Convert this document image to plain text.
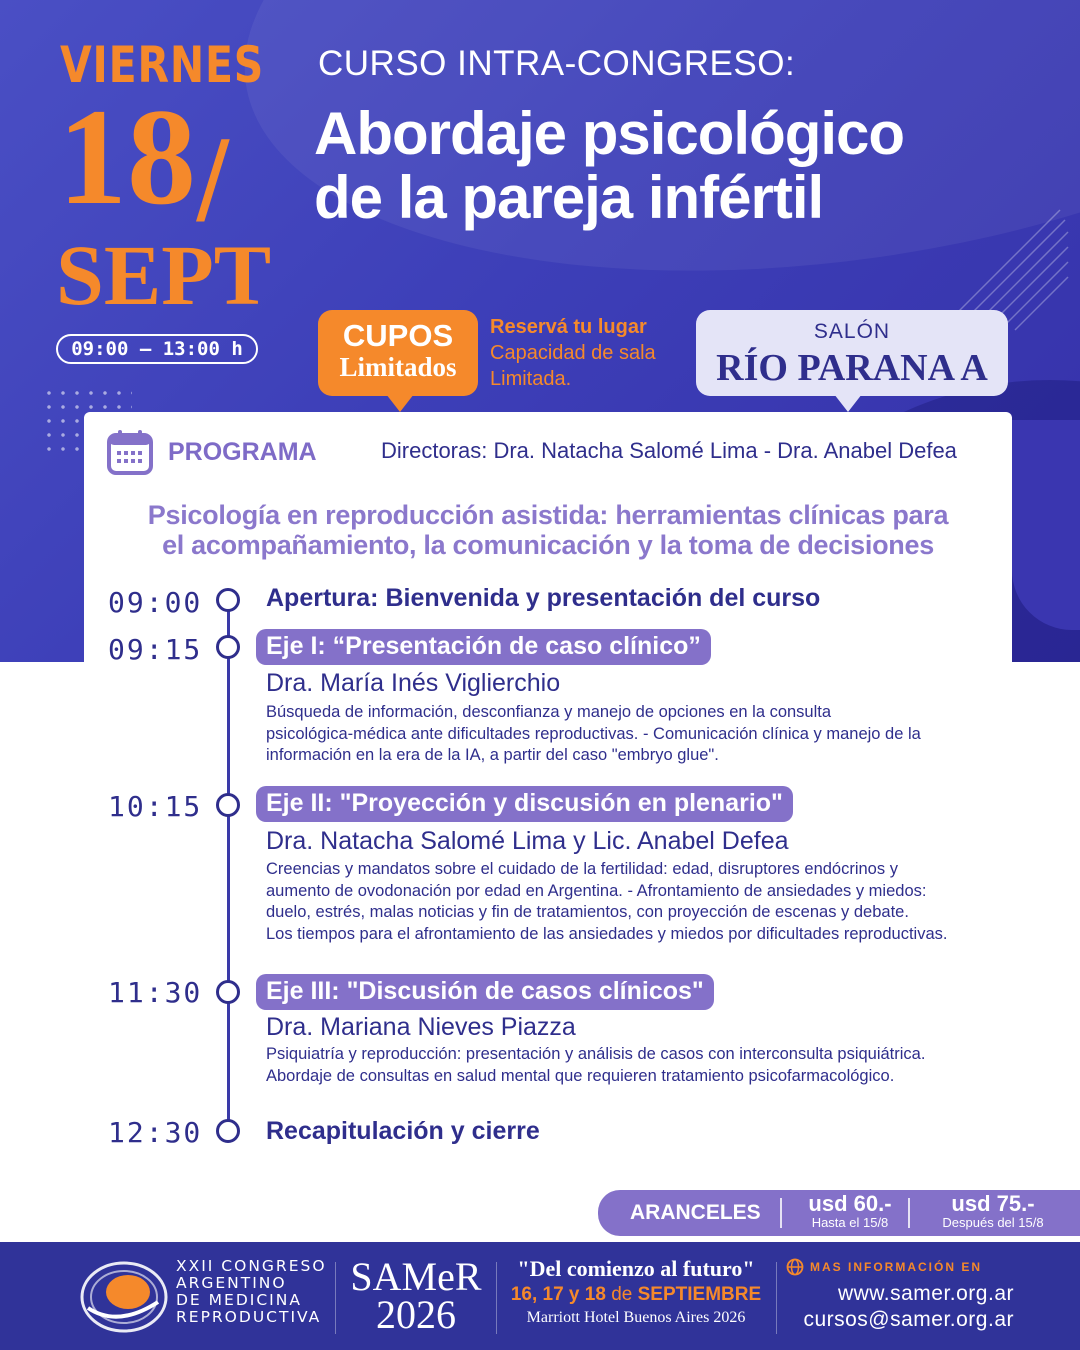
VIERNES
18 /
SEPT
09:00 — 13:00 h
CURSO INTRA-CONGRESO:
Abordaje psicológico
de la pareja infértil
CUPOS
Limitados
Reservá tu lugar
Capacidad de sala
Limitada.
SALÓN
RÍO PARANA A
PROGRAMA	Directoras: Dra. Natacha Salomé Lima - Dra. Anabel Defea
Psicología en reproducción asistida: herramientas clínicas para
el acompañamiento, la comunicación y la toma de decisiones
09:00	Apertura: Bienvenida y presentación del curso
09:15	Eje I: “Presentación de caso clínico”
Dra. María Inés Viglierchio
Búsqueda de información, desconfianza y manejo de opciones en la consulta
psicológica-médica ante dificultades reproductivas. - Comunicación clínica y manejo de la
información en la era de la IA, a partir del caso "embryo glue".
10:15	Eje II: "Proyección y discusión en plenario"
Dra. Natacha Salomé Lima y Lic. Anabel Defea
Creencias y mandatos sobre el cuidado de la fertilidad: edad, disruptores endócrinos y
aumento de ovodonación por edad en Argentina. - Afrontamiento de ansiedades y miedos:
duelo, estrés, malas noticias y fin de tratamientos, con proyección de escenas y debate.
Los tiempos para el afrontamiento de las ansiedades y miedos por dificultades reproductivas.
11:30	Eje III: "Discusión de casos clínicos"
Dra. Mariana Nieves Piazza
Psiquiatría y reproducción: presentación y análisis de casos con interconsulta psiquiátrica.
Abordaje de consultas en salud mental que requieren tratamiento psicofarmacológico.
12:30	Recapitulación y cierre
ARANCELES	usd 60.-
Hasta el 15/8
usd 75.-
Después del 15/8
XXII CONGRESO
ARGENTINO
DE MEDICINA
REPRODUCTIVA
SAMeR
2026
"Del comienzo al futuro"
16, 17 y 18 de SEPTIEMBRE
Marriott Hotel Buenos Aires 2026
MAS INFORMACIÓN EN
www.samer.org.ar
cursos@samer.org.ar
